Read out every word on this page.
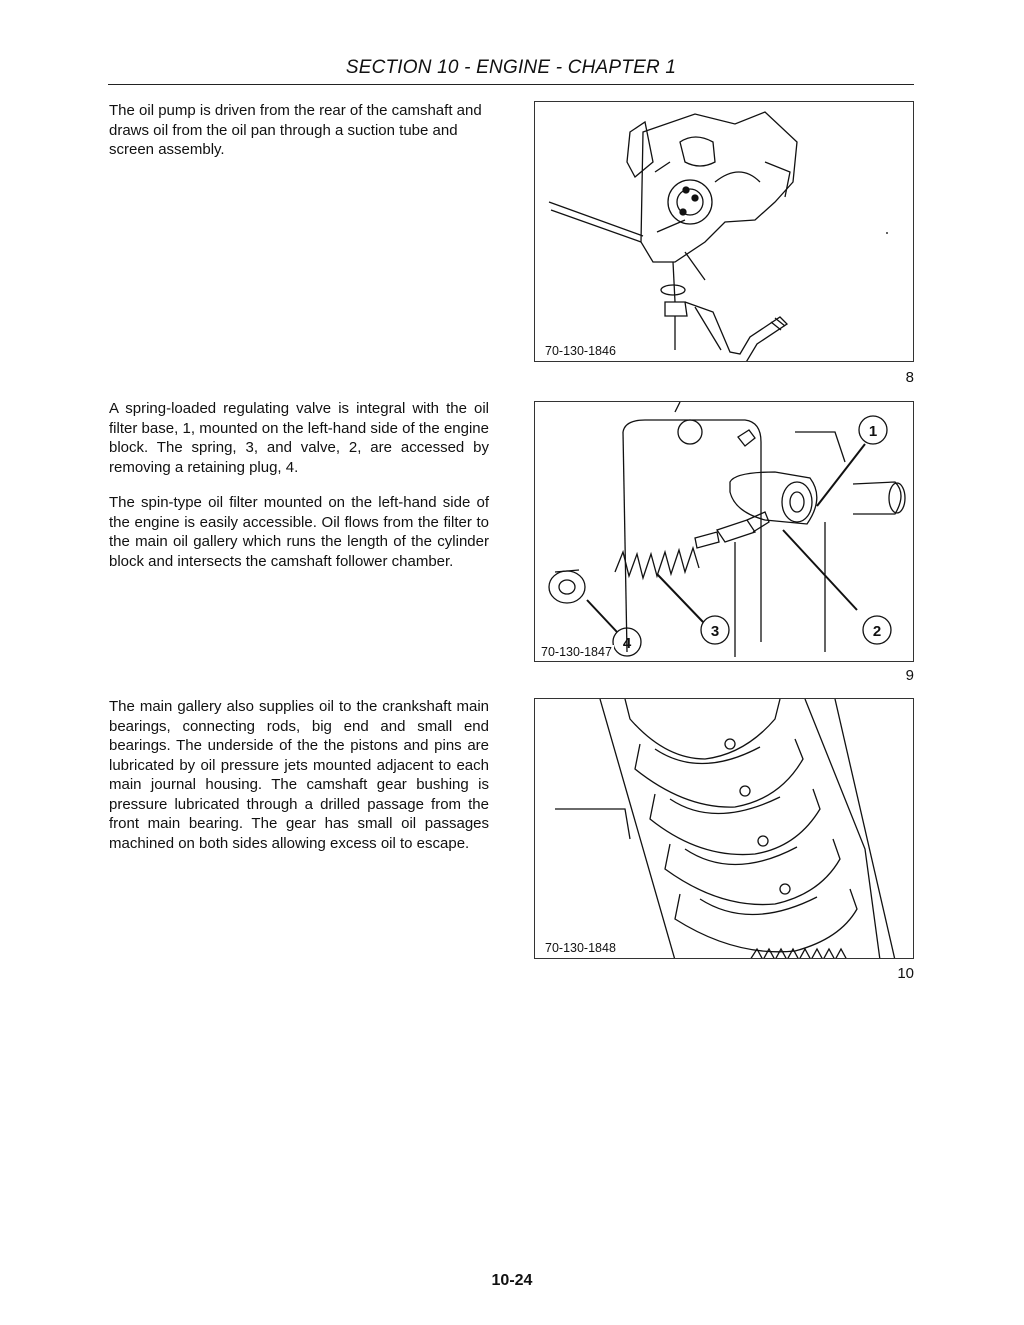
SECTION 10 - ENGINE - CHAPTER 1

The oil pump is driven from the rear of the camshaft and draws oil from the oil pan through a suction tube and screen assembly.

70-130-1846
8

A spring-loaded regulating valve is integral with the oil filter base, 1, mounted on the left-hand side of the engine block. The spring, 3, and valve, 2, are accessed by removing a retaining plug, 4.

The spin-type oil filter mounted on the left-hand side of the engine is easily accessible. Oil flows from the filter to the main oil gallery which runs the length of the cylinder block and intersects the camshaft follower chamber.

1
2
3
4
70-130-1847
9

The main gallery also supplies oil to the crankshaft main bearings, connecting rods, big end and small end bearings. The underside of the the pistons and pins are lubricated by oil pressure jets mounted adjacent to each main journal housing. The camshaft gear bushing is pressure lubricated through a drilled passage from the front main bearing. The gear has small oil passages machined on both sides allowing excess oil to escape.

70-130-1848
10
10-24
